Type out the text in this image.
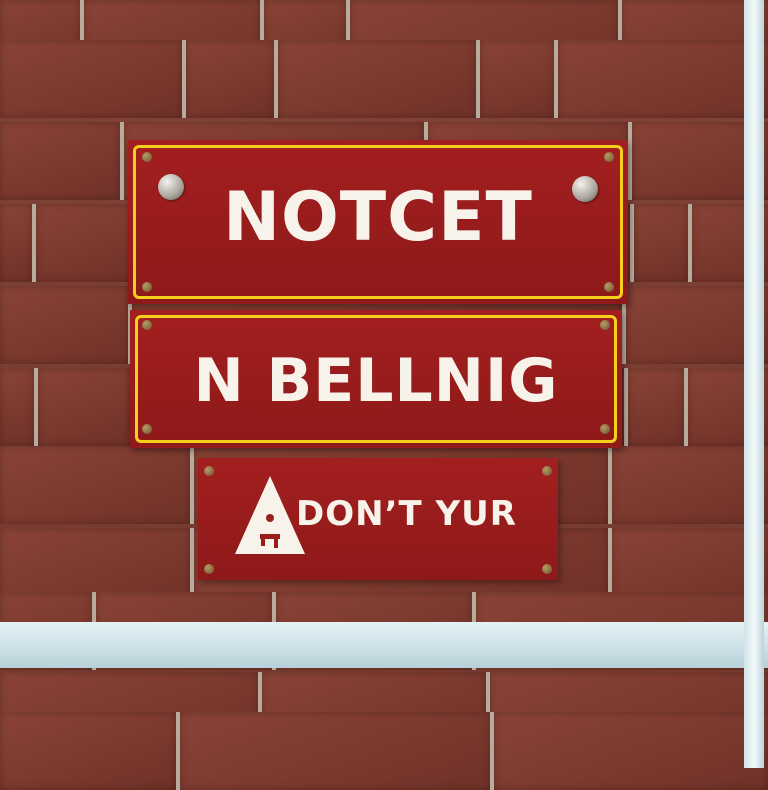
NOTCET
N BELLNIG
DON’T YUR
